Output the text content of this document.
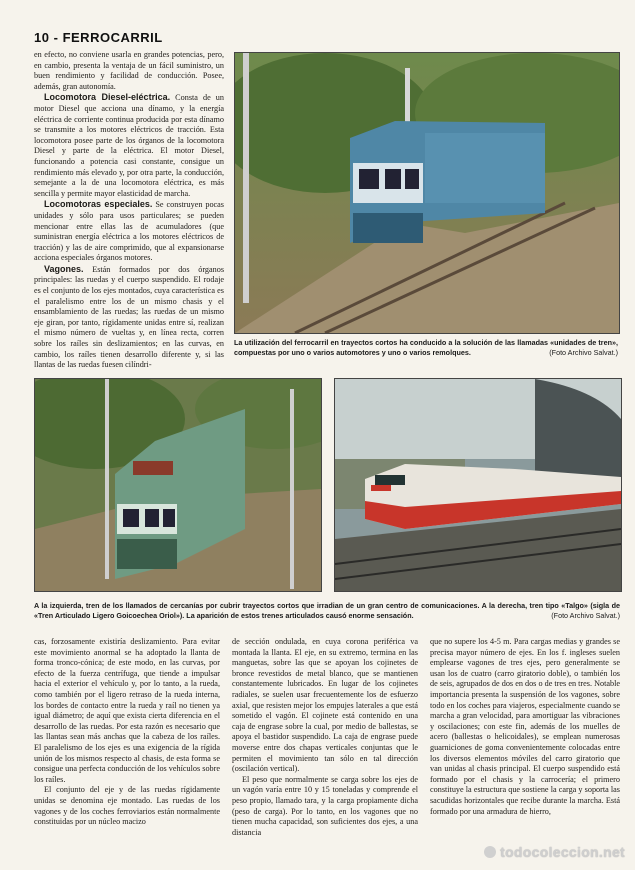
10 - FERROCARRIL

en efecto, no conviene usarla en grandes potencias, pero, en cambio, presenta la ventaja de un fácil suministro, un buen rendimiento y facilidad de conducción. Posee, además, gran autonomía.

Locomotora Diesel-eléctrica. Consta de un motor Diesel que acciona una dínamo, y la energía eléctrica de corriente continua producida por esta dínamo se transmite a los motores eléctricos de tracción. Esta locomotora posee parte de los órganos de la locomotora Diesel y parte de la eléctrica. El motor Diesel, funcionando a potencia casi constante, consigue un rendimiento más elevado y, por otra parte, la conducción, semejante a la de una locomotora eléctrica, es más sencilla y permite mayor elasticidad de marcha.

Locomotoras especiales. Se construyen pocas unidades y sólo para usos particulares; se pueden mencionar entre ellas las de acumuladores (que suministran energía eléctrica a los motores eléctricos de tracción) y las de aire comprimido, que al expansionarse acciona especiales órganos motores.

Vagones. Están formados por dos órganos principales: las ruedas y el cuerpo suspendido. El rodaje es el conjunto de los ejes montados, cuya característica es el paralelismo entre los de un mismo chasis y el ensamblamiento de las ruedas; las ruedas de un mismo eje giran, por tanto, rígidamente unidas entre sí, realizan el mismo número de vueltas y, en línea recta, corren sobre los raíles sin deslizamientos; en las curvas, en cambio, los raíles tienen desarrollo diferente y, si las llantas de las ruedas fuesen cilíndri-

La utilización del ferrocarril en trayectos cortos ha conducido a la solución de las llamadas «unidades de tren», compuestas por uno o varios automotores y uno o varios remolques.	(Foto Archivo Salvat.)
A la izquierda, tren de los llamados de cercanías por cubrir trayectos cortos que irradian de un gran centro de comunicaciones. A la derecha, tren tipo «Talgo» (sigla de «Tren Articulado Ligero Goicoechea Oriol»). La aparición de estos trenes articulados causó enorme sensación.	(Foto Archivo Salvat.)

cas, forzosamente existiría deslizamiento. Para evitar este movimiento anormal se ha adoptado la llanta de forma tronco-cónica; de este modo, en las curvas, por efecto de la fuerza centrífuga, que tiende a impulsar hacia el exterior el vehículo y, por lo tanto, a la rueda, como también por el ligero retraso de la rueda interna, los bordes de contacto entre la rueda y raíl no tienen ya igual diámetro; de aquí que exista cierta diferencia en el desarrollo de las ruedas. Por esta razón es necesario que las llantas sean más anchas que la cabeza de los raíles. El paralelismo de los ejes es una exigencia de la rígida unión de los mismos respecto al chasis, de esta forma se consigue una perfecta conducción de los vehículos sobre los raíles.

El conjunto del eje y de las ruedas rígidamente unidas se denomina eje montado. Las ruedas de los vagones y de los coches ferroviarios están normalmente constituidas por un núcleo macizo

de sección ondulada, en cuya corona periférica va montada la llanta. El eje, en su extremo, termina en las manguetas, sobre las que se apoyan los cojinetes de bronce revestidos de metal blanco, que se mantienen constantemente lubricados. En lugar de los cojinetes radiales, se suelen usar frecuentemente los de esfuerzo axial, que resisten mejor los empujes laterales a que está sometido el vagón. El cojinete está contenido en una caja de engrase sobre la cual, por medio de ballestas, se apoya el bastidor suspendido. La caja de engrase puede moverse entre dos chapas verticales conjuntas que le permiten el movimiento tan sólo en tal dirección (oscilación vertical).

El peso que normalmente se carga sobre los ejes de un vagón varía entre 10 y 15 toneladas y comprende el peso propio, llamado tara, y la carga propiamente dicha (peso de carga). Por lo tanto, en los vagones que no tienen mucha capacidad, son suficientes dos ejes, a una distancia

que no supere los 4-5 m. Para cargas medias y grandes se precisa mayor número de ejes. En los f. ingleses suelen emplearse vagones de tres ejes, pero generalmente se usan los de cuatro (carro giratorio doble), o también los de seis, agrupados de dos en dos o de tres en tres. Notable importancia presenta la suspensión de los vagones, sobre todo en los coches para viajeros, especialmente cuando se marcha a gran velocidad, para amortiguar las vibraciones y oscilaciones; con este fin, además de los muelles de acero (ballestas o helicoidales), se emplean numerosas guarniciones de goma convenientemente colocadas entre los diversos elementos móviles del carro giratorio que van unidas al chasis principal. El cuerpo suspendido está formado por el chasis y la carrocería; el primero constituye la estructura que sostiene la carga y soporta las sacudidas horizontales que recibe durante la marcha. Está formado por una armadura de hierro,

todocoleccion.net
